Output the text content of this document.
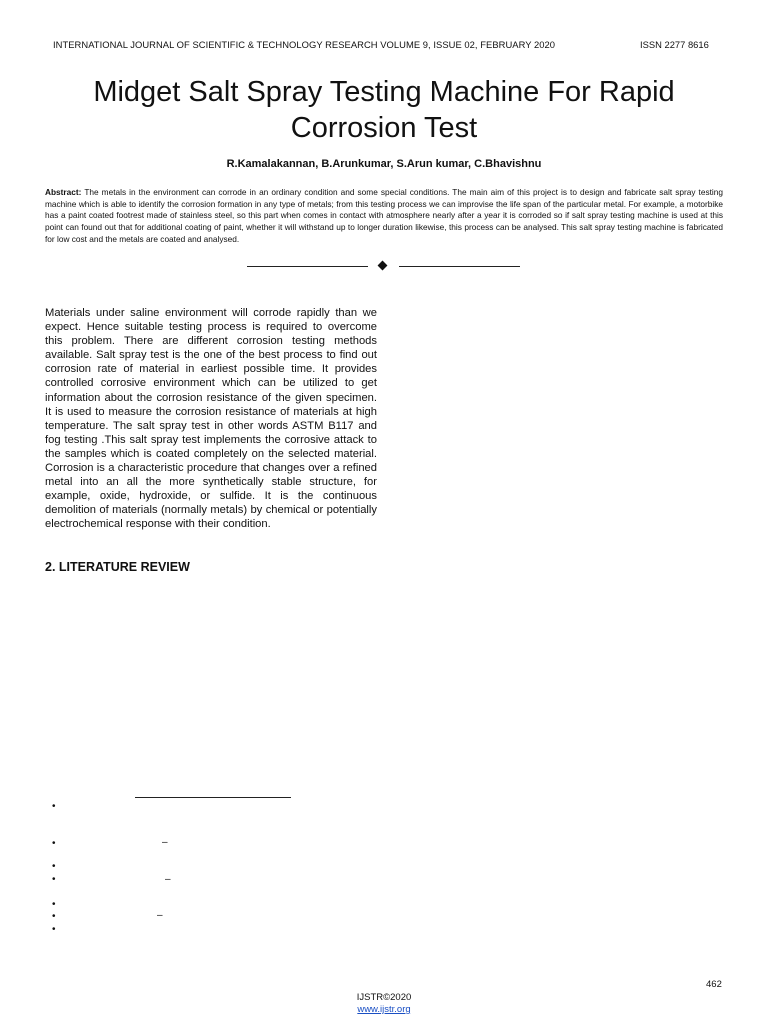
INTERNATIONAL JOURNAL OF SCIENTIFIC & TECHNOLOGY RESEARCH VOLUME 9, ISSUE 02, FEBRUARY 2020	ISSN 2277 8616
Midget Salt Spray Testing Machine For Rapid
Corrosion Test
R.Kamalakannan, B.Arunkumar, S.Arun kumar, C.Bhavishnu

Abstract: The metals in the environment can corrode in an ordinary condition and some special conditions. The main aim of this project is to design and fabricate salt spray testing machine which is able to identify the corrosion formation in any type of metals; from this testing process we can improvise the life span of the particular metal. For example, a motorbike has a paint coated footrest made of stainless steel, so this part when comes in contact with atmosphere nearly after a year it is corroded so if salt spray testing machine is used at this point can found out that for additional coating of paint, whether it will withstand up to longer duration likewise, this process can be analysed. This salt spray testing machine is fabricated for low cost and the metals are coated and analysed.

Materials under saline environment will corrode rapidly than we expect. Hence suitable testing process is required to overcome this problem. There are different corrosion testing methods available. Salt spray test is the one of the best process to find out corrosion rate of material in earliest possible time. It provides controlled corrosive environment which can be utilized to get information about the corrosion resistance of the given specimen. It is used to measure the corrosion resistance of materials at high temperature. The salt spray test in other words ASTM B117 and fog testing .This salt spray test implements the corrosive attack to the samples which is coated completely on the selected material. Corrosion is a characteristic procedure that changes over a refined metal into an all the more synthetically stable structure, for example, oxide, hydroxide, or sulfide. It is the continuous demolition of materials (normally metals) by chemical or potentially electrochemical response with their condition.

2. LITERATURE REVIEW
•
•	–
•
•	–
•
•	–
•
462
IJSTR©2020
www.ijstr.org
